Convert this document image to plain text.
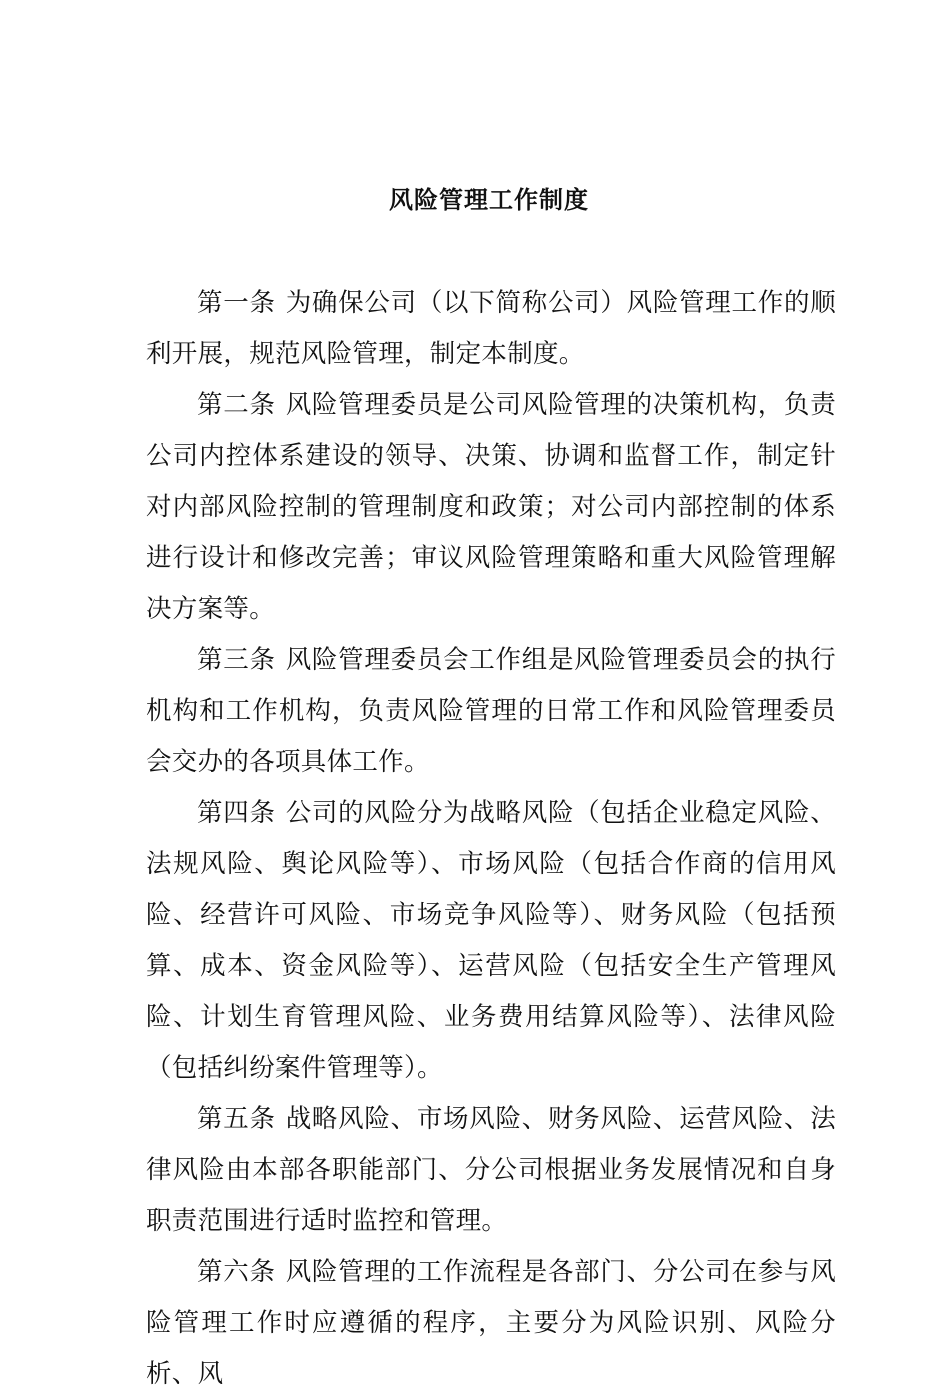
风险管理工作制度

第一条 为确保公司（以下简称公司）风险管理工作的顺利开展，规范风险管理，制定本制度。

第二条 风险管理委员是公司风险管理的决策机构，负责公司内控体系建设的领导、决策、协调和监督工作，制定针对内部风险控制的管理制度和政策；对公司内部控制的体系进行设计和修改完善；审议风险管理策略和重大风险管理解决方案等。

第三条 风险管理委员会工作组是风险管理委员会的执行机构和工作机构，负责风险管理的日常工作和风险管理委员会交办的各项具体工作。

第四条 公司的风险分为战略风险（包括企业稳定风险、法规风险、舆论风险等）、市场风险（包括合作商的信用风险、经营许可风险、市场竞争风险等）、财务风险（包括预算、成本、资金风险等）、运营风险（包括安全生产管理风险、计划生育管理风险、业务费用结算风险等）、法律风险（包括纠纷案件管理等）。

第五条 战略风险、市场风险、财务风险、运营风险、法律风险由本部各职能部门、分公司根据业务发展情况和自身职责范围进行适时监控和管理。

第六条 风险管理的工作流程是各部门、分公司在参与风险管理工作时应遵循的程序，主要分为风险识别、风险分析、风
